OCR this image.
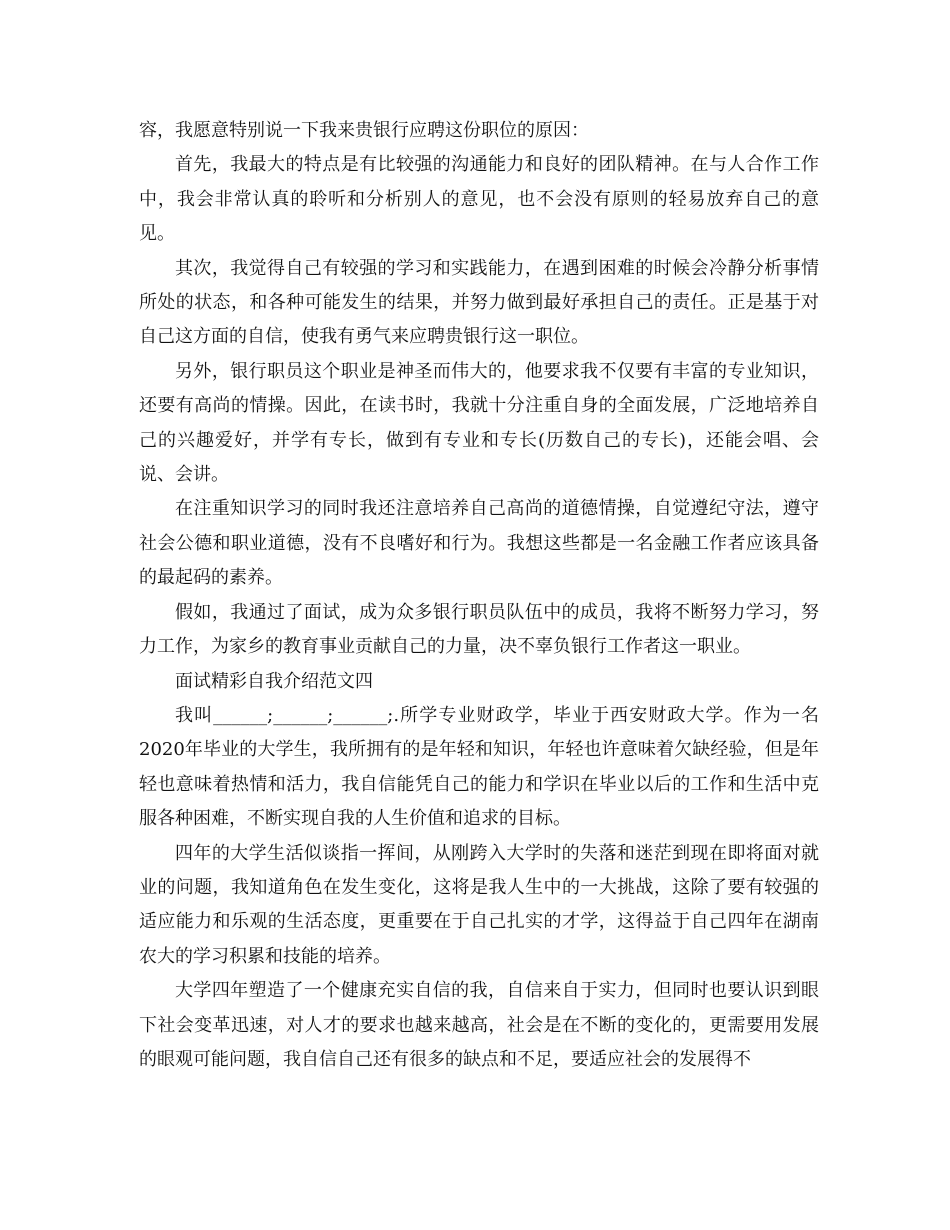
容，我愿意特别说一下我来贵银行应聘这份职位的原因：

首先，我最大的特点是有比较强的沟通能力和良好的团队精神。在与人合作工作中，我会非常认真的聆听和分析别人的意见，也不会没有原则的轻易放弃自己的意见。

其次，我觉得自己有较强的学习和实践能力，在遇到困难的时候会冷静分析事情所处的状态，和各种可能发生的结果，并努力做到最好承担自己的责任。正是基于对自己这方面的自信，使我有勇气来应聘贵银行这一职位。

另外，银行职员这个职业是神圣而伟大的，他要求我不仅要有丰富的专业知识，还要有高尚的情操。因此，在读书时，我就十分注重自身的全面发展，广泛地培养自己的兴趣爱好，并学有专长，做到有专业和专长(历数自己的专长)，还能会唱、会说、会讲。

在注重知识学习的同时我还注意培养自己高尚的道德情操，自觉遵纪守法，遵守社会公德和职业道德，没有不良嗜好和行为。我想这些都是一名金融工作者应该具备的最起码的素养。

假如，我通过了面试，成为众多银行职员队伍中的成员，我将不断努力学习，努力工作，为家乡的教育事业贡献自己的力量，决不辜负银行工作者这一职业。

面试精彩自我介绍范文四

我叫______;______;______;.所学专业财政学，毕业于西安财政大学。作为一名2020年毕业的大学生，我所拥有的是年轻和知识，年轻也许意味着欠缺经验，但是年轻也意味着热情和活力，我自信能凭自己的能力和学识在毕业以后的工作和生活中克服各种困难，不断实现自我的人生价值和追求的目标。

四年的大学生活似谈指一挥间，从刚跨入大学时的失落和迷茫到现在即将面对就业的问题，我知道角色在发生变化，这将是我人生中的一大挑战，这除了要有较强的适应能力和乐观的生活态度，更重要在于自己扎实的才学，这得益于自己四年在湖南农大的学习积累和技能的培养。

大学四年塑造了一个健康充实自信的我，自信来自于实力，但同时也要认识到眼下社会变革迅速，对人才的要求也越来越高，社会是在不断的变化的，更需要用发展的眼观可能问题，我自信自己还有很多的缺点和不足，要适应社会的发展得不
